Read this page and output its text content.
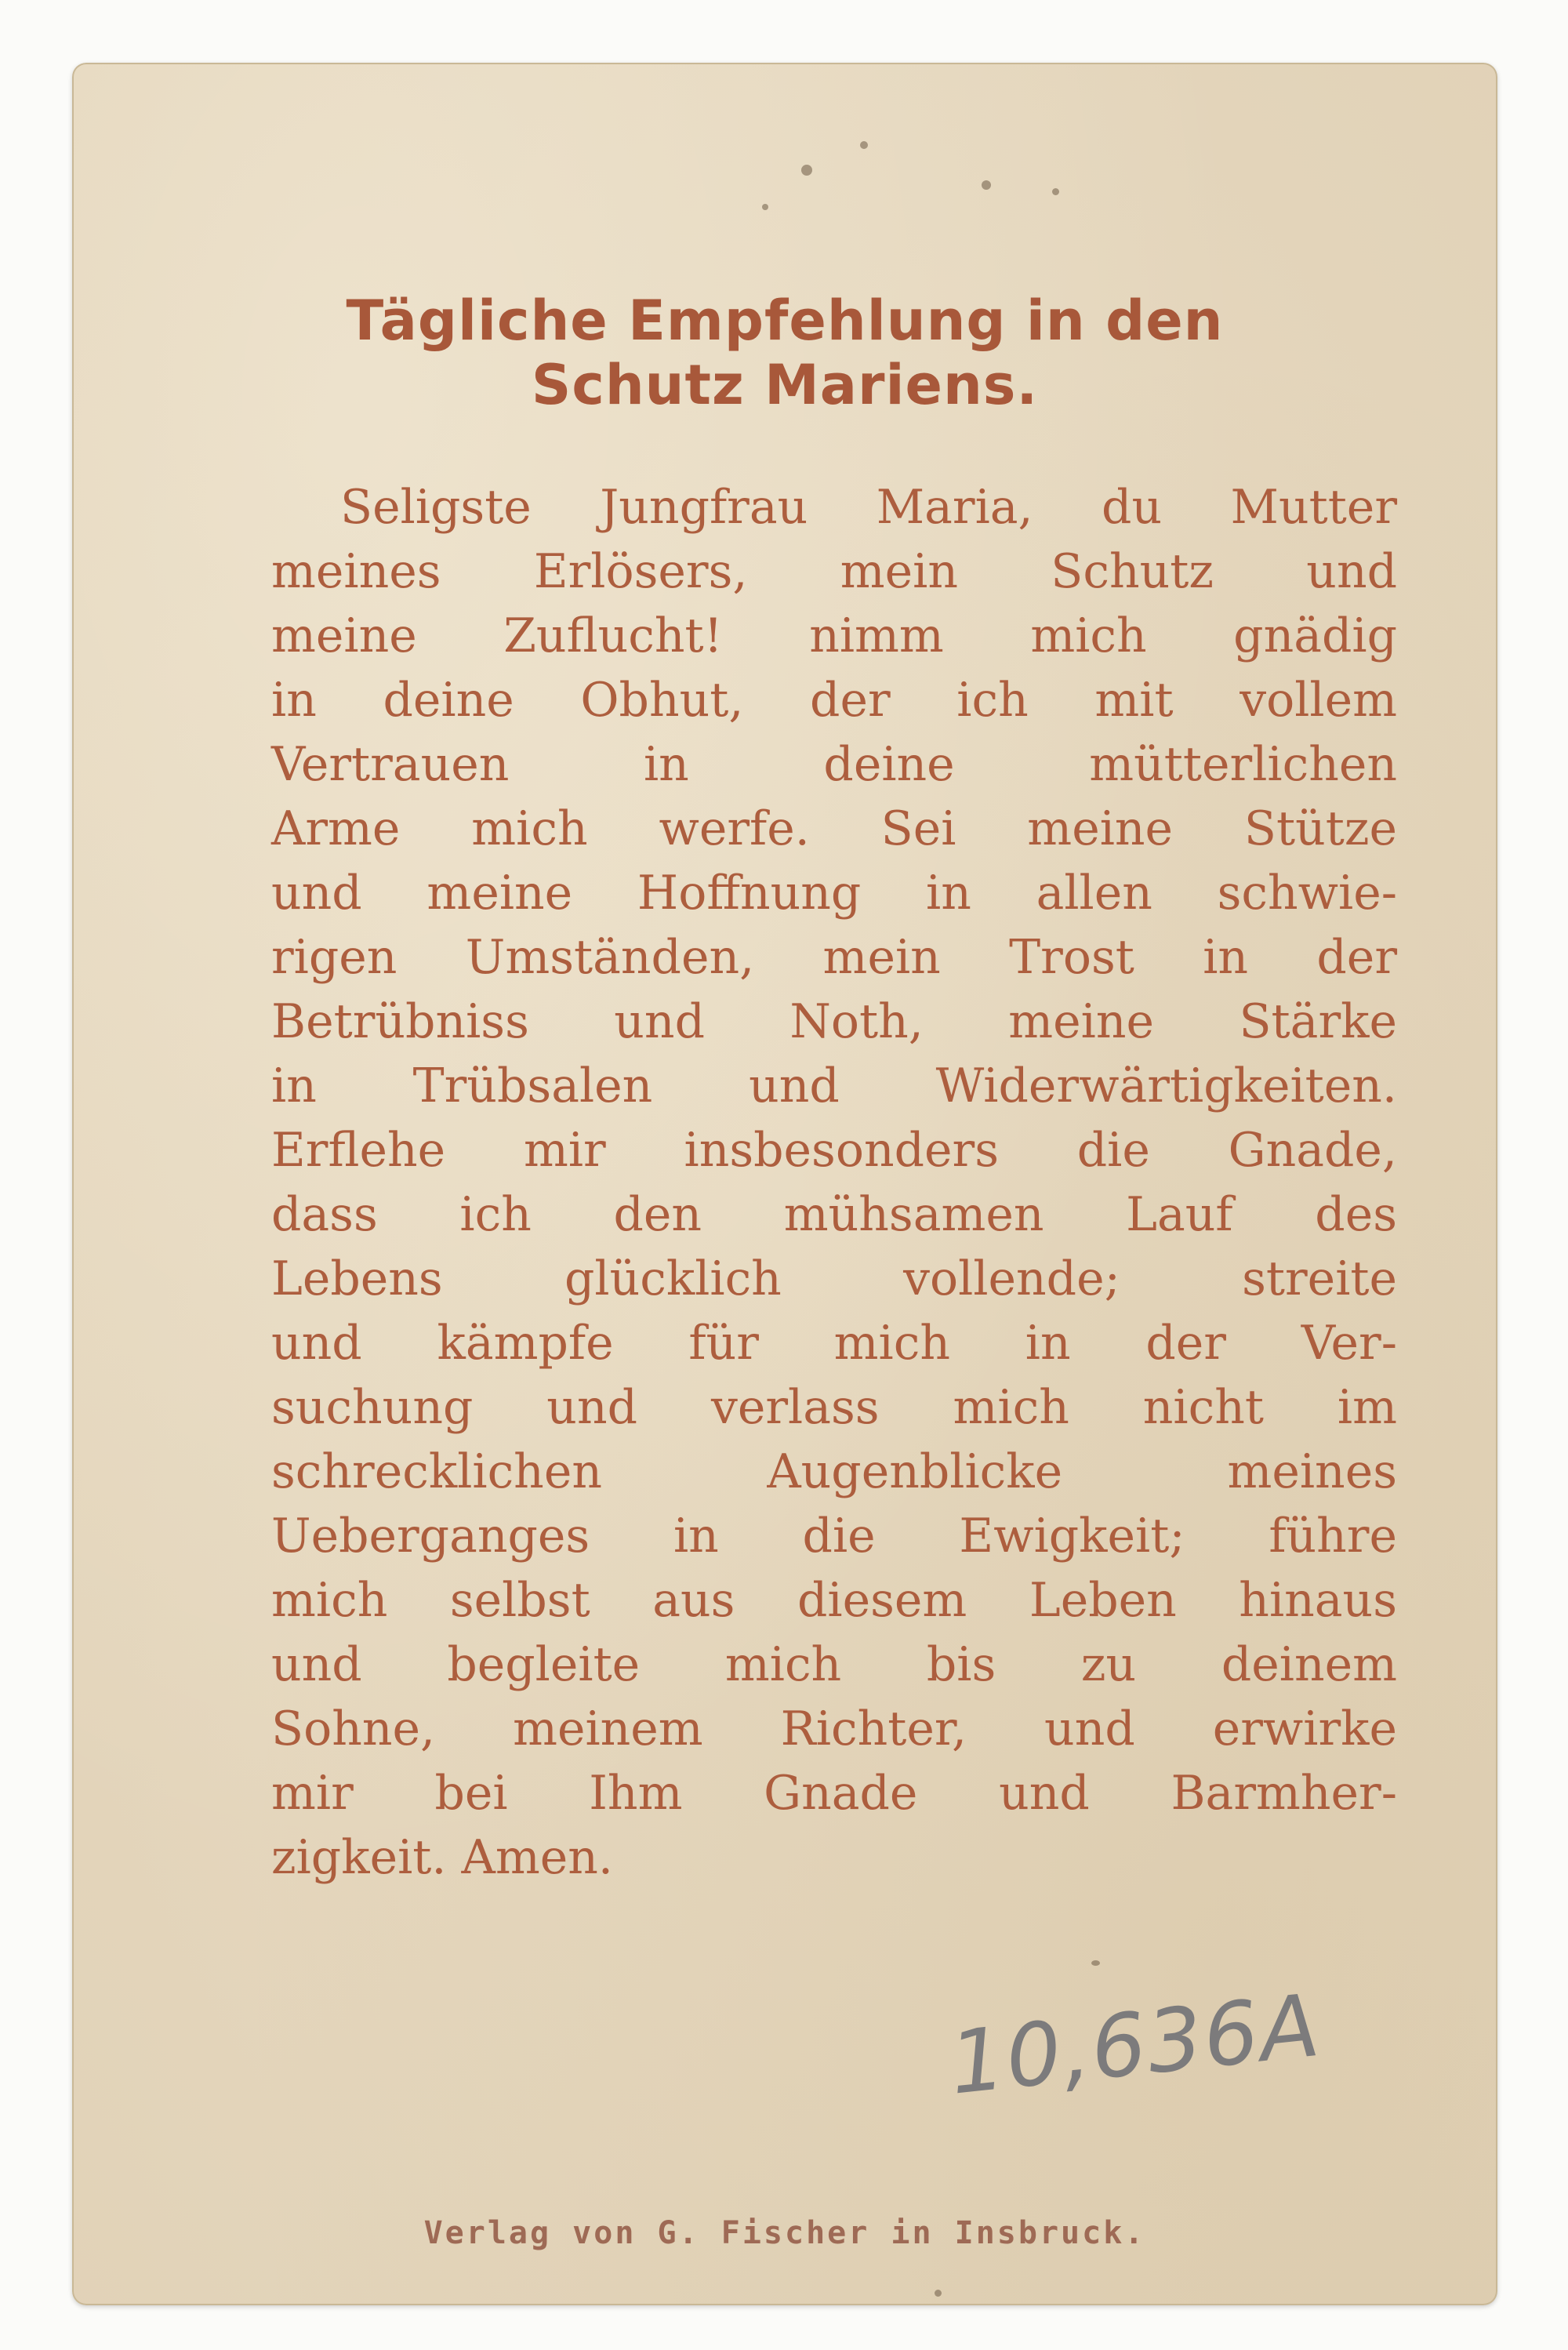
Tägliche Empfehlung in den
Schutz Mariens.
Seligste Jungfrau Maria, du Mutter
meines Erlösers, mein Schutz und
meine Zuflucht! nimm mich gnädig
in deine Obhut, der ich mit vollem
Vertrauen in deine mütterlichen
Arme mich werfe. Sei meine Stütze
und meine Hoffnung in allen schwie-
rigen Umständen, mein Trost in der
Betrübniss und Noth, meine Stärke
in Trübsalen und Widerwärtigkeiten.
Erflehe mir insbesonders die Gnade,
dass ich den mühsamen Lauf des
Lebens glücklich vollende; streite
und kämpfe für mich in der Ver-
suchung und verlass mich nicht im
schrecklichen Augenblicke meines
Ueberganges in die Ewigkeit; führe
mich selbst aus diesem Leben hinaus
und begleite mich bis zu deinem
Sohne, meinem Richter, und erwirke
mir bei Ihm Gnade und Barmher-
zigkeit. Amen.
10,636A
Verlag von G. Fischer in Insbruck.
